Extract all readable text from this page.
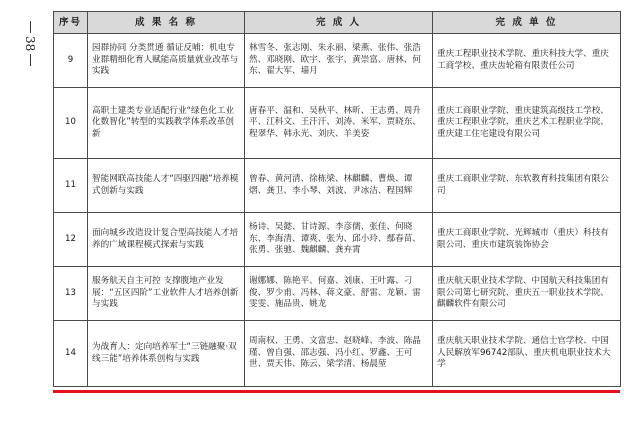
38
序号	成 果 名 称	完 成 人	完 成 单 位
9	园群协同 分类贯通 循证反哺：机电专业群精细化育人赋能高质量就业改革与实践	林雪冬、张志刚、朱永丽、梁燕、张伟、张浩然、邓晓刚、欧宇、张宇、黄崇富、唐林、何东、翟大军、墙月	重庆工程职业技术学院、重庆科技大学、重庆工商学校、重庆齿轮箱有限责任公司
10	高职土建类专业适配行业“绿色化工业化数智化”转型的实践教学体系改革创新	唐春平、温和、吴秋平、林昕、王志勇、周升平、江科文、王汗汗、刘涛、米军、贾晓东、程翠华、韩永光、刘庆、羊美姿	重庆工商职业学院、重庆建筑高级技工学校、重庆工程职业学院、重庆艺术工程职业学院、重庆建工住宅建设有限公司
11	智能网联高技能人才“四驱四融”培养模式创新与实践	曾春、黄河清、徐栋梁、林麒麟、曹焕、谭熠、龚卫、李小琴、刘波、尹冰洁、程国辉	重庆工商职业学院、东软教育科技集团有限公司
12	面向城乡改造设计复合型高技能人才培养的广域课程模式探索与实践	杨诗、吴懿、甘诗源、李彦儒、张佳、何晓东、李海清、谭爽、张为、邱小玲、鄢春苗、张勇、张驰、魏麒麟、龚弃霄	重庆工商职业学院、光辉城市（重庆）科技有限公司、重庆市建筑装饰协会
13	服务航天自主可控 支撑腹地产业发展：“五区四阶”工业软件人才培养创新与实践	谢娜娜、陈艳平、何嘉、刘康、王叶露、刁俊、罗少甫、冯林、蒋文豪、舒雷、龙颖、雷雯雯、施品贵、姚龙	重庆航天职业技术学院、中国航天科技集团有限公司第七研究院、重庆五一职业技术学院、麒麟软件有限公司
14	为战育人：定向培养军士“三链融聚·双线三能”培养体系创构与实践	周南权、王勇、文富忠、赵晓峰、李波、陈晶瑾、曾自强、邵志强、冯小红、罗鑫、王可世、贾天伟、陈云、梁学清、杨晨堃	重庆航天职业技术学院、通信士官学校、中国人民解放军96742部队、重庆机电职业技术大学
